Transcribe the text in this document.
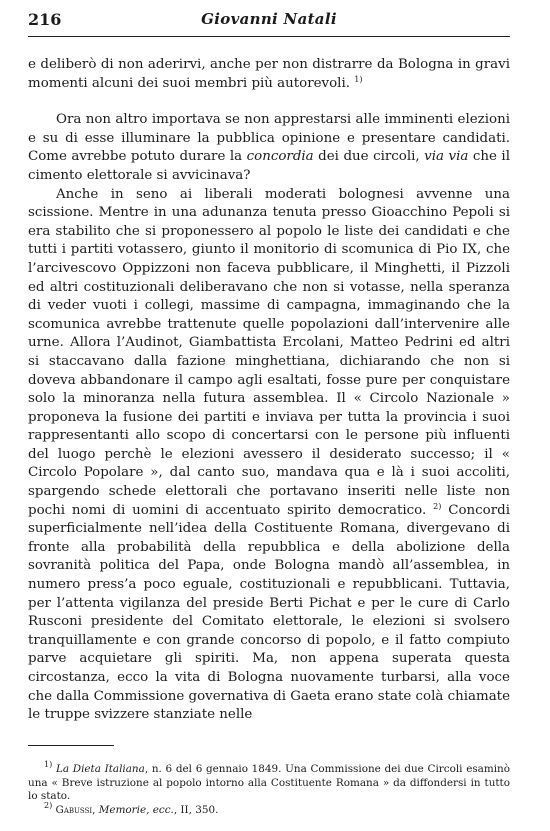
216	Giovanni Natali

e deliberò di non aderirvi, anche per non distrarre da Bologna in gravi momenti alcuni dei suoi membri più autorevoli. $^{1)}$

Ora non altro importava se non apprestarsi alle imminenti elezioni e su di esse illuminare la pubblica opinione e presentare candidati. Come avrebbe potuto durare la concordia dei due circoli, via via che il cimento elettorale si avvicinava?

Anche in seno ai liberali moderati bolognesi avvenne una scissione. Mentre in una adunanza tenuta presso Gioacchino Pepoli si era stabilito che si proponessero al popolo le liste dei candidati e che tutti i partiti votassero, giunto il monitorio di scomunica di Pio IX, che l’arcivescovo Oppizzoni non faceva pubblicare, il Minghetti, il Pizzoli ed altri costituzionali deliberavano che non si votasse, nella speranza di veder vuoti i collegi, massime di campagna, immaginando che la scomunica avrebbe trattenute quelle popolazioni dall’intervenire alle urne. Allora l’Audinot, Giambattista Ercolani, Matteo Pedrini ed altri si staccavano dalla fazione minghettiana, dichiarando che non si doveva abbandonare il campo agli esaltati, fosse pure per conquistare solo la minoranza nella futura assemblea. Il « Circolo Nazionale » proponeva la fusione dei partiti e inviava per tutta la provincia i suoi rappresentanti allo scopo di concertarsi con le persone più influenti del luogo perchè le elezioni avessero il desiderato successo; il « Circolo Popolare », dal canto suo, mandava qua e là i suoi accoliti, spargendo schede elettorali che portavano inseriti nelle liste non pochi nomi di uomini di accentuato spirito democratico. $^{2)}$ Concordi superficialmente nell’idea della Costituente Romana, divergevano di fronte alla probabilità della repubblica e della abolizione della sovranità politica del Papa, onde Bologna mandò all’assemblea, in numero press’a poco eguale, costituzionali e repubblicani. Tuttavia, per l’attenta vigilanza del preside Berti Pichat e per le cure di Carlo Rusconi presidente del Comitato elettorale, le elezioni si svolsero tranquillamente e con grande concorso di popolo, e il fatto compiuto parve acquietare gli spiriti. Ma, non appena superata questa circostanza, ecco la vita di Bologna nuovamente turbarsi, alla voce che dalla Commissione governativa di Gaeta erano state colà chiamate le truppe svizzere stanziate nelle

$^{1)}$ La Dieta Italiana, n. 6 del 6 gennaio 1849. Una Commissione dei due Circoli esaminò una « Breve istruzione al popolo intorno alla Costituente Romana » da diffondersi in tutto lo stato.

$^{2)}$ Gabussi, Memorie, ecc., II, 350.
